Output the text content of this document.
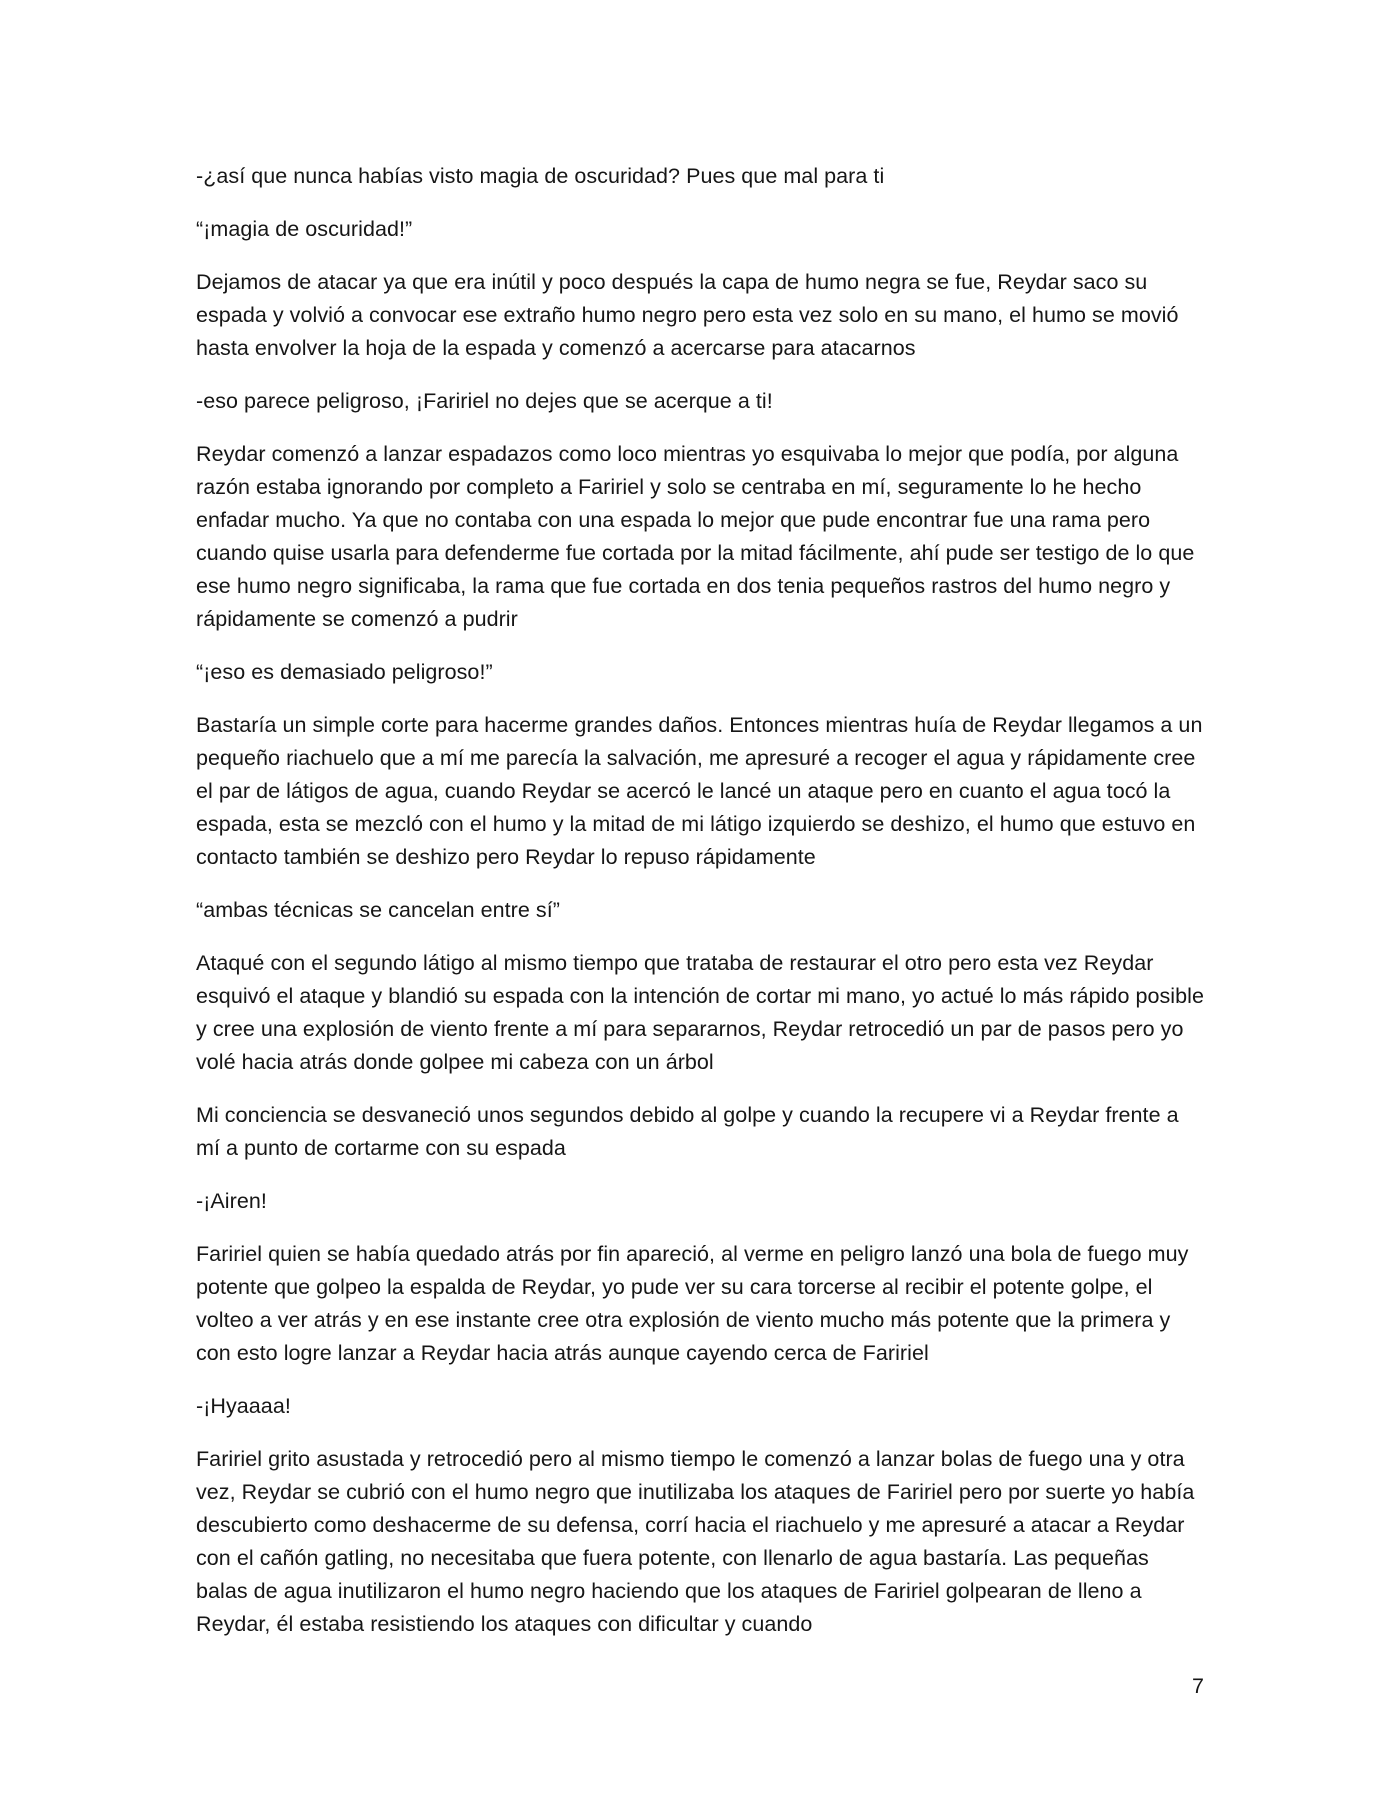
-¿así que nunca habías visto magia de oscuridad? Pues que mal para ti

“¡magia de oscuridad!”

Dejamos de atacar ya que era inútil y poco después la capa de humo negra se fue, Reydar saco su espada y volvió a convocar ese extraño humo negro pero esta vez solo en su mano, el humo se movió hasta envolver la hoja de la espada y comenzó a acercarse para atacarnos

-eso parece peligroso, ¡Faririel no dejes que se acerque a ti!

Reydar comenzó a lanzar espadazos como loco mientras yo esquivaba lo mejor que podía, por alguna razón estaba ignorando por completo a Faririel y solo se centraba en mí, seguramente lo he hecho enfadar mucho. Ya que no contaba con una espada lo mejor que pude encontrar fue una rama pero cuando quise usarla para defenderme fue cortada por la mitad fácilmente, ahí pude ser testigo de lo que ese humo negro significaba, la rama que fue cortada en dos tenia pequeños rastros del humo negro y rápidamente se comenzó a pudrir

“¡eso es demasiado peligroso!”

Bastaría un simple corte para hacerme grandes daños. Entonces mientras huía de Reydar llegamos a un pequeño riachuelo que a mí me parecía la salvación, me apresuré a recoger el agua y rápidamente cree el par de látigos de agua, cuando Reydar se acercó le lancé un ataque pero en cuanto el agua tocó la espada, esta se mezcló con el humo y la mitad de mi látigo izquierdo se deshizo, el humo que estuvo en contacto también se deshizo pero Reydar lo repuso rápidamente

“ambas técnicas se cancelan entre sí”

Ataqué con el segundo látigo al mismo tiempo que trataba de restaurar el otro pero esta vez Reydar esquivó el ataque y blandió su espada con la intención de cortar mi mano, yo actué lo más rápido posible y cree una explosión de viento frente a mí para separarnos, Reydar retrocedió un par de pasos pero yo volé hacia atrás donde golpee mi cabeza con un árbol

Mi conciencia se desvaneció unos segundos debido al golpe y cuando la recupere vi a Reydar frente a mí a punto de cortarme con su espada

-¡Airen!

Faririel quien se había quedado atrás por fin apareció, al verme en peligro lanzó una bola de fuego muy potente que golpeo la espalda de Reydar, yo pude ver su cara torcerse al recibir el potente golpe, el volteo a ver atrás y en ese instante cree otra explosión de viento mucho más potente que la primera y con esto logre lanzar a Reydar hacia atrás aunque cayendo cerca de Faririel

-¡Hyaaaa!

Faririel grito asustada y retrocedió pero al mismo tiempo le comenzó a lanzar bolas de fuego una y otra vez, Reydar se cubrió con el humo negro que inutilizaba los ataques de Faririel pero por suerte yo había descubierto como deshacerme de su defensa, corrí hacia el riachuelo y me apresuré a atacar a Reydar con el cañón gatling, no necesitaba que fuera potente, con llenarlo de agua bastaría. Las pequeñas balas de agua inutilizaron el humo negro haciendo que los ataques de Faririel golpearan de lleno a Reydar, él estaba resistiendo los ataques con dificultar y cuando

7
